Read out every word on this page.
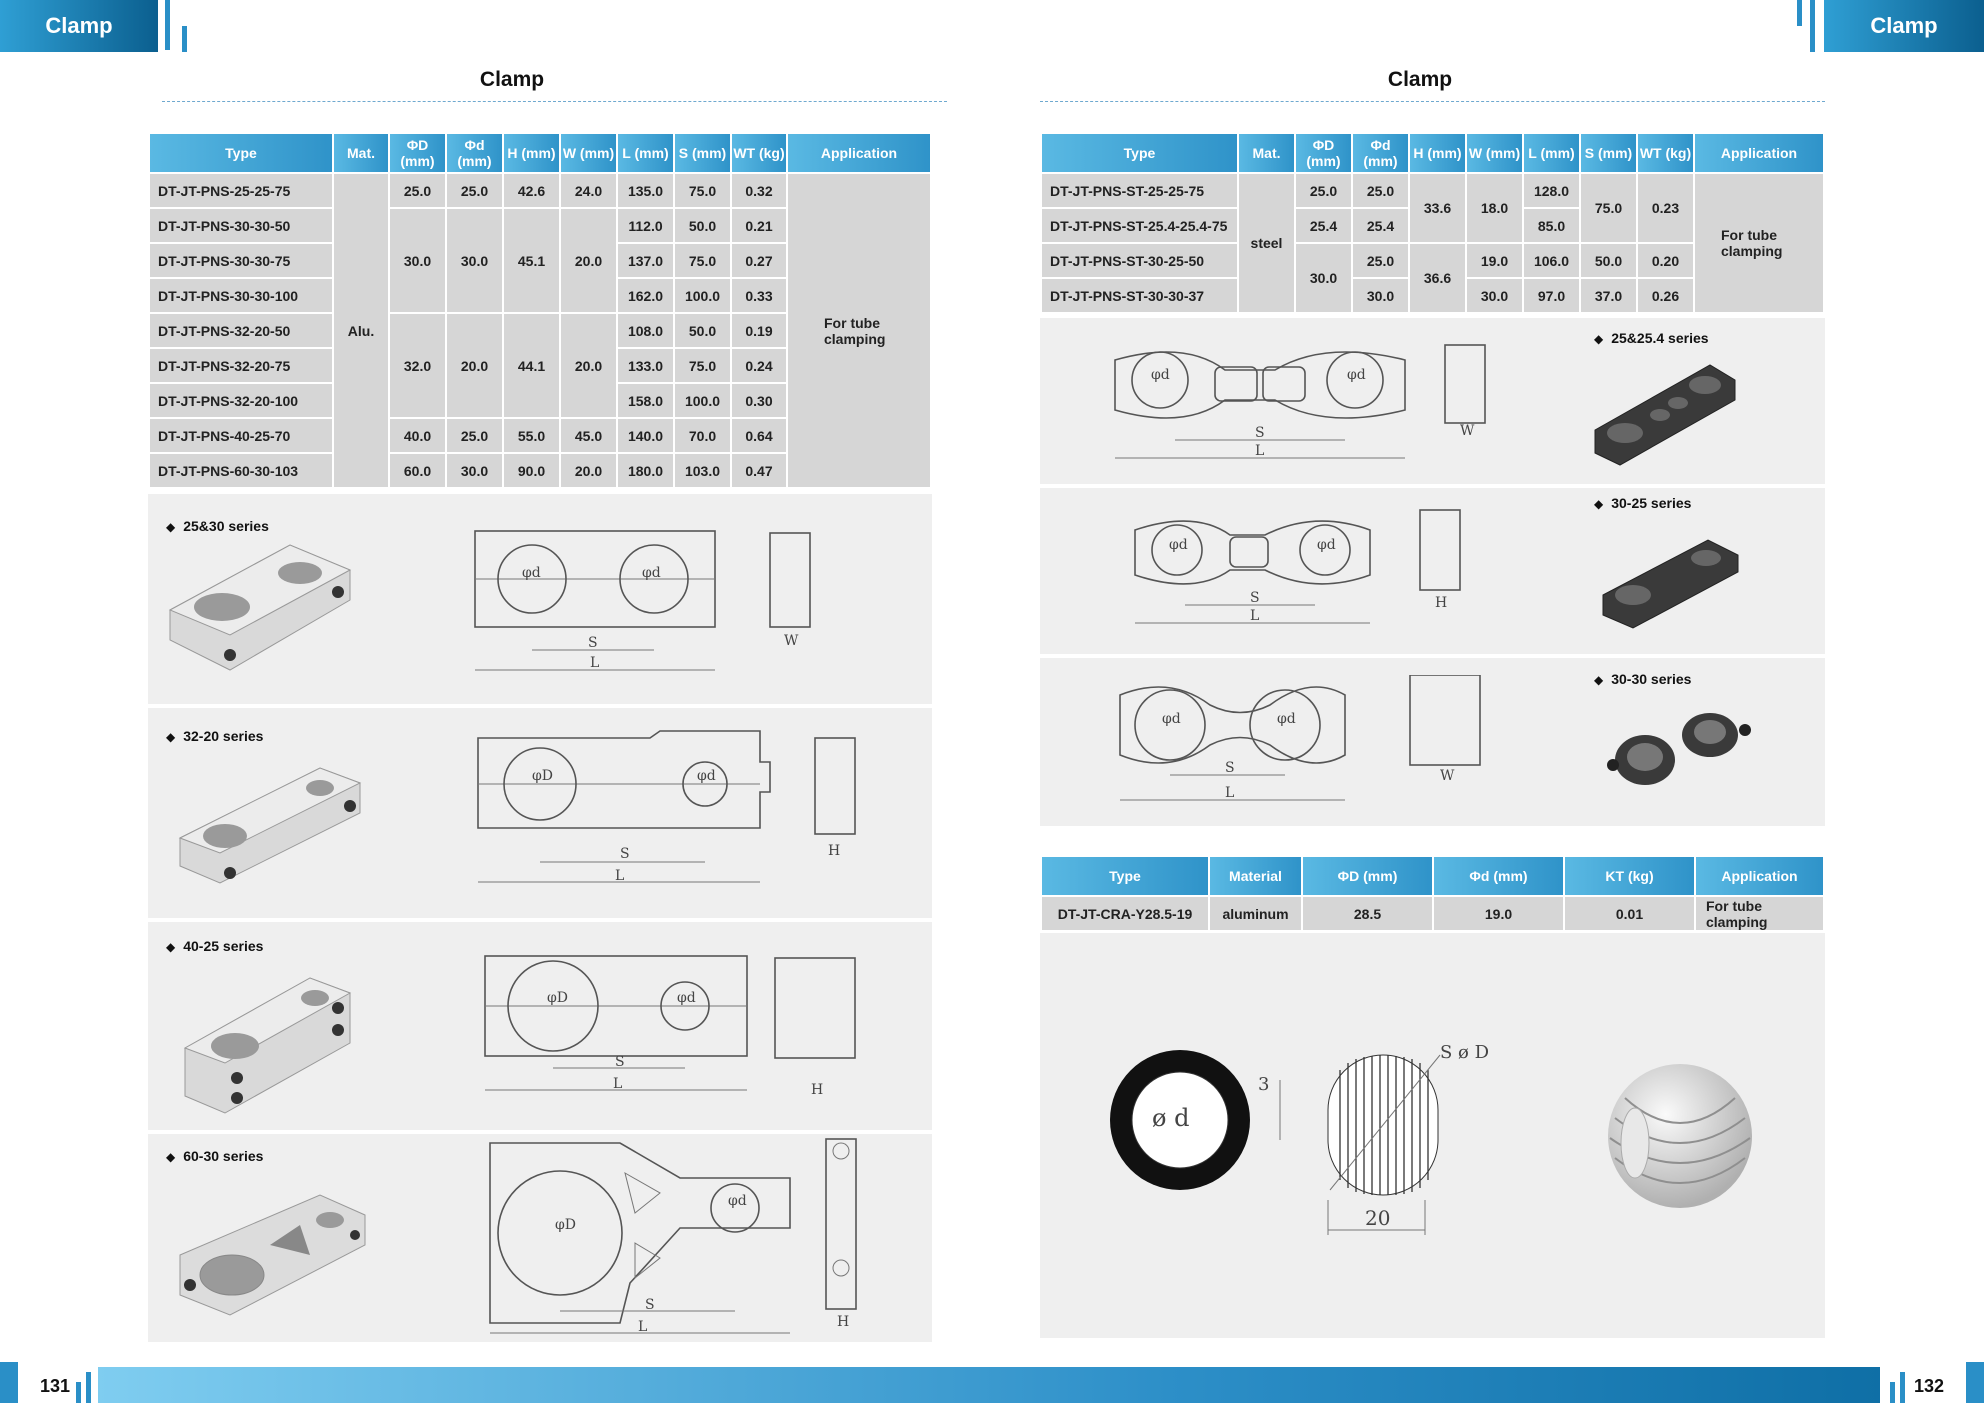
Clamp	Clamp
Clamp
Type	Mat.	ΦD (mm)	Φd (mm)	H (mm)	W (mm)	L (mm)	S (mm)	WT (kg)	Application
DT-JT-PNS-25-25-75	Alu.	25.0	25.0	42.6	24.0	135.0	75.0	0.32	For tube clamping
DT-JT-PNS-30-30-50		30.0	30.0	45.1	20.0	112.0	50.0	0.21	
DT-JT-PNS-30-30-75						137.0	75.0	0.27	
DT-JT-PNS-30-30-100						162.0	100.0	0.33	
DT-JT-PNS-32-20-50		32.0	20.0	44.1	20.0	108.0	50.0	0.19	
DT-JT-PNS-32-20-75						133.0	75.0	0.24	
DT-JT-PNS-32-20-100						158.0	100.0	0.30	
DT-JT-PNS-40-25-70		40.0	25.0	55.0	45.0	140.0	70.0	0.64	
DT-JT-PNS-60-30-103		60.0	30.0	90.0	20.0	180.0	103.0	0.47	
◆ 25&30 series
◆ 32-20 series
◆ 40-25 series
◆ 60-30 series
φd	φd
S
L
W
φD	φd
S
L
H
φD	φd
S
L	H
φD
φd
S
L	H
Clamp
Type	Mat.	ΦD (mm)	Φd (mm)	H (mm)	W (mm)	L (mm)	S (mm)	WT (kg)	Application
DT-JT-PNS-ST-25-25-75	steel	25.0	25.0	33.6	18.0	128.0	75.0	0.23	For tube clamping
DT-JT-PNS-ST-25.4-25.4-75		25.4	25.4			85.0			
DT-JT-PNS-ST-30-25-50		30.0	25.0	36.6	19.0	106.0	50.0	0.20	
DT-JT-PNS-ST-30-30-37			30.0		30.0	97.0	37.0	0.26	
◆ 25&25.4 series
◆ 30-25 series
◆ 30-30 series
φd	φd
S
L
W
φd	φd
S
L
H
φd	φd
S
L
W
Type	Material	ΦD (mm)	Φd (mm)	KT (kg)	Application
DT-JT-CRA-Y28.5-19	aluminum	28.5	19.0	0.01	For tube clamping
ø d
3
20
S ø D
131	132
